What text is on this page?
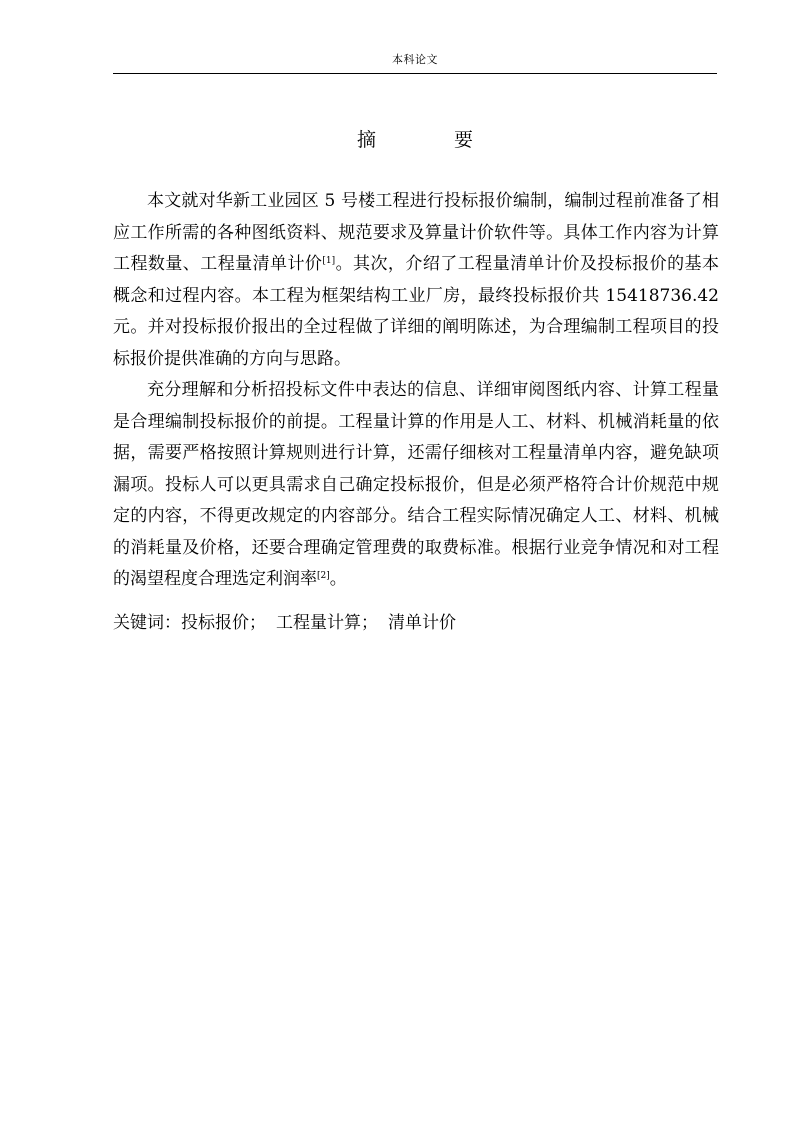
本科论文
摘 要

本文就对华新工业园区 5 号楼工程进行投标报价编制，编制过程前准备了相应工作所需的各种图纸资料、规范要求及算量计价软件等。具体工作内容为计算工程数量、工程量清单计价[1]。其次，介绍了工程量清单计价及投标报价的基本概念和过程内容。本工程为框架结构工业厂房，最终投标报价共 15418736.42 元。并对投标报价报出的全过程做了详细的阐明陈述，为合理编制工程项目的投标报价提供准确的方向与思路。

充分理解和分析招投标文件中表达的信息、详细审阅图纸内容、计算工程量是合理编制投标报价的前提。工程量计算的作用是人工、材料、机械消耗量的依据，需要严格按照计算规则进行计算，还需仔细核对工程量清单内容，避免缺项漏项。投标人可以更具需求自己确定投标报价，但是必须严格符合计价规范中规定的内容，不得更改规定的内容部分。结合工程实际情况确定人工、材料、机械的消耗量及价格，还要合理确定管理费的取费标准。根据行业竞争情况和对工程的渴望程度合理选定利润率[2]。

关键词：投标报价； 工程量计算； 清单计价
